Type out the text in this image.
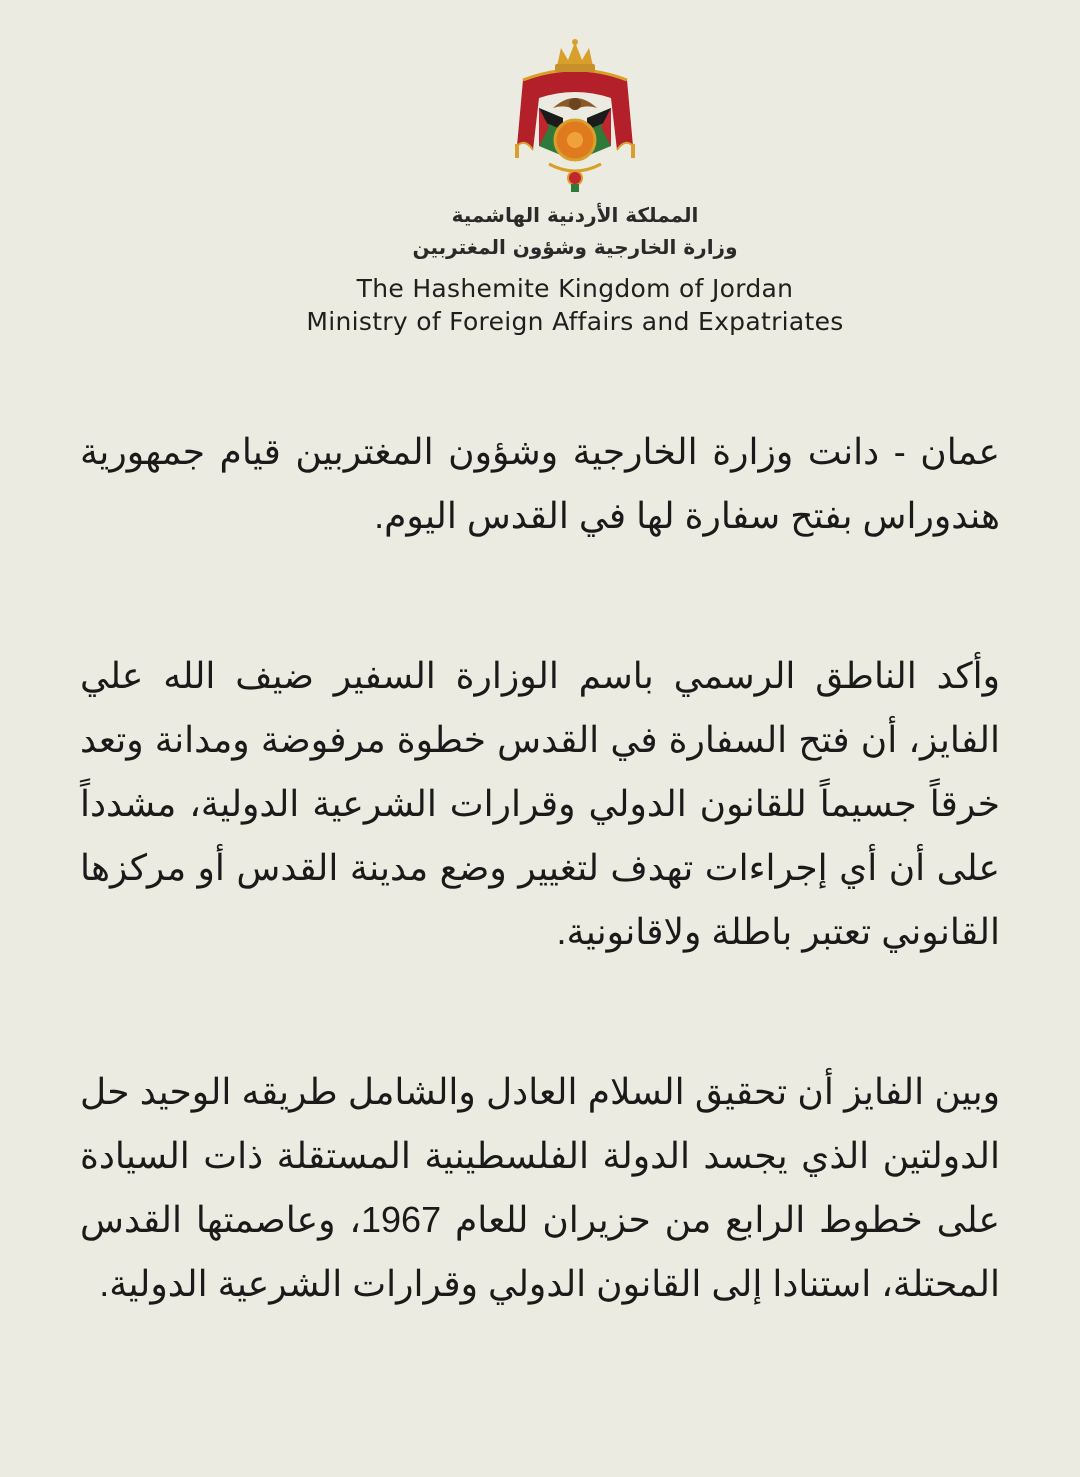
المملكة الأردنية الهاشمية
وزارة الخارجية وشؤون المغتربين
The Hashemite Kingdom of Jordan
Ministry of Foreign Affairs and Expatriates

عمان - دانت وزارة الخارجية وشؤون المغتربين قيام جمهورية هندوراس بفتح سفارة لها في القدس اليوم.

وأكد الناطق الرسمي باسم الوزارة السفير ضيف الله علي الفايز، أن فتح السفارة في القدس خطوة مرفوضة ومدانة وتعد خرقاً جسيماً للقانون الدولي وقرارات الشرعية الدولية، مشدداً على أن أي إجراءات تهدف لتغيير وضع مدينة القدس أو مركزها القانوني تعتبر باطلة ولاقانونية.

وبين الفايز أن تحقيق السلام العادل والشامل طريقه الوحيد حل الدولتين الذي يجسد الدولة الفلسطينية المستقلة ذات السيادة على خطوط الرابع من حزيران للعام 1967، وعاصمتها القدس المحتلة، استنادا إلى القانون الدولي وقرارات الشرعية الدولية.
